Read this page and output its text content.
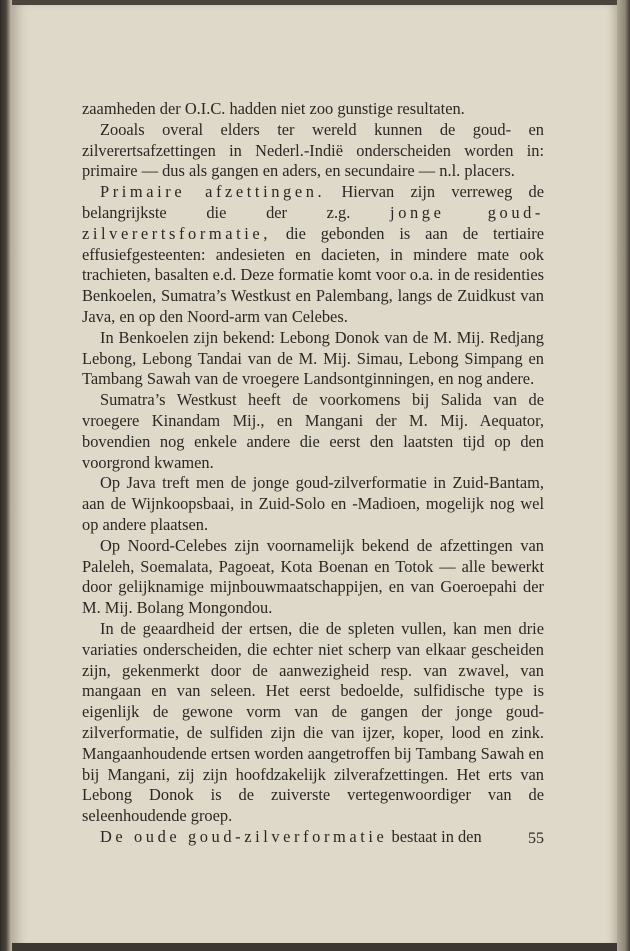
zaamheden der O.I.C. hadden niet zoo gunstige resultaten.

Zooals overal elders ter wereld kunnen de goud- en zilverertsafzettingen in Nederl.-Indië onderscheiden worden in: primaire — dus als gangen en aders, en secundaire — n.l. placers.

Primaire afzettingen. Hiervan zijn verreweg de belangrijkste die der z.g. jonge goud-zilverertsformatie, die gebonden is aan de tertiaire effusiefgesteenten: andesieten en dacieten, in mindere mate ook trachieten, basalten e.d. Deze formatie komt voor o.a. in de residenties Benkoelen, Sumatra’s Westkust en Palembang, langs de Zuidkust van Java, en op den Noord-arm van Celebes.

In Benkoelen zijn bekend: Lebong Donok van de M. Mij. Redjang Lebong, Lebong Tandai van de M. Mij. Simau, Lebong Simpang en Tambang Sawah van de vroegere Landsontginningen, en nog andere.

Sumatra’s Westkust heeft de voorkomens bij Salida van de vroegere Kinandam Mij., en Mangani der M. Mij. Aequator, bovendien nog enkele andere die eerst den laatsten tijd op den voorgrond kwamen.

Op Java treft men de jonge goud-zilverformatie in Zuid-Bantam, aan de Wijnkoopsbaai, in Zuid-Solo en -Madioen, mogelijk nog wel op andere plaatsen.

Op Noord-Celebes zijn voornamelijk bekend de afzettingen van Paleleh, Soemalata, Pagoeat, Kota Boenan en Totok — alle bewerkt door gelijknamige mijnbouwmaatschappijen, en van Goeroepahi der M. Mij. Bolang Mongondou.

In de geaardheid der ertsen, die de spleten vullen, kan men drie variaties onderscheiden, die echter niet scherp van elkaar gescheiden zijn, gekenmerkt door de aanwezigheid resp. van zwavel, van mangaan en van seleen. Het eerst bedoelde, sulfidische type is eigenlijk de gewone vorm van de gangen der jonge goud-zilverformatie, de sulfiden zijn die van ijzer, koper, lood en zink. Mangaanhoudende ertsen worden aangetroffen bij Tambang Sawah en bij Mangani, zij zijn hoofdzakelijk zilverafzettingen. Het erts van Lebong Donok is de zuiverste vertegenwoordiger van de seleenhoudende groep.

De oude goud-zilverformatie bestaat in den	55
